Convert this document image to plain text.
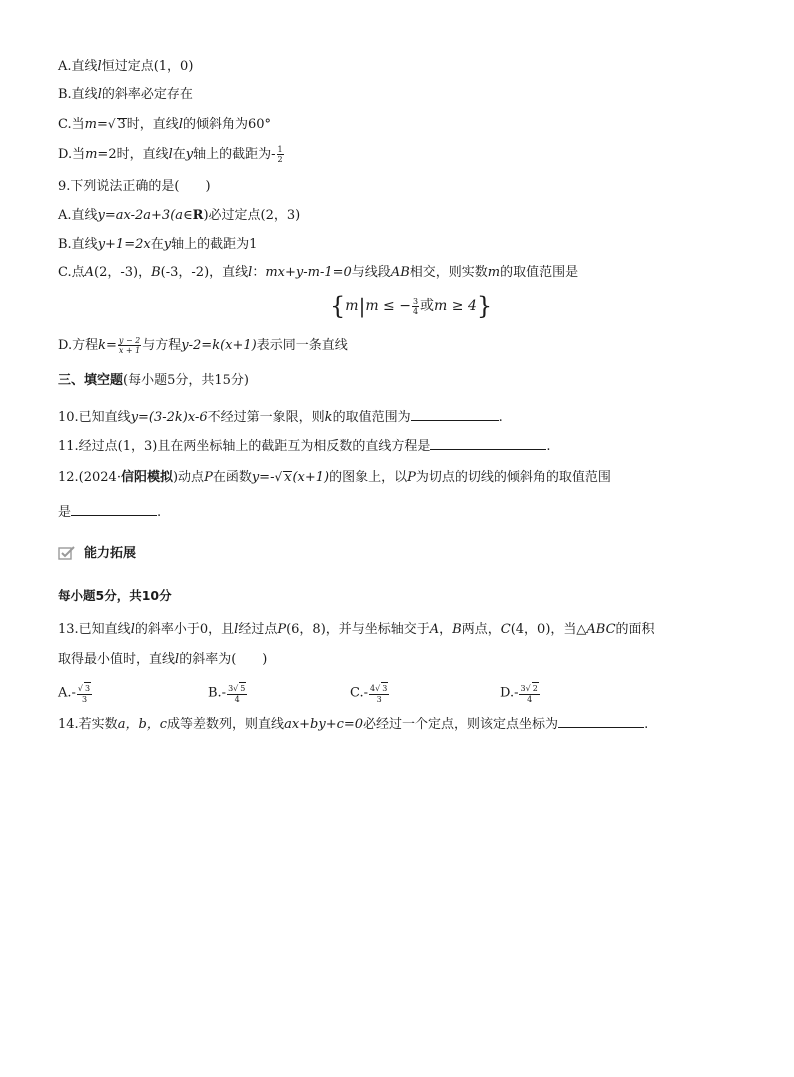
A.直线l恒过定点(1，0)
B.直线l的斜率必定存在
C.当m=√ 3时，直线l的倾斜角为60°
D.当m=2时，直线l在y轴上的截距为- $\frac{1}{2}$
9.下列说法正确的是(　　)
A.直线y=ax-2a+3(a∈R)必过定点(2，3)
B.直线y+1=2x在y轴上的截距为1
C.点A(2，-3)，B(-3，-2)，直线l：mx+y-m-1=0与线段AB相交，则实数m的取值范围是
{m|m ≤ − $\frac{3}{4}$ 或m ≥ 4}
D.方程$k= \frac{y - 2}{x + 1}$ 与方程y-2=k(x+1)表示同一条直线
三、填空题(每小题5分，共15分)
10.已知直线y=(3-2k)x-6不经过第一象限，则k的取值范围为	.
11.经过点(1，3)且在两坐标轴上的截距互为相反数的直线方程是	.
12.(2024·信阳模拟)动点P在函数y=-√ x(x+1)的图象上，以P为切点的切线的倾斜角的取值范围
是	.
能力拓展
每小题5分，共10分
13.已知直线l的斜率小于0，且l经过点P(6，8)，并与坐标轴交于A，B两点，C(4，0)，当△ABC的面积
取得最小值时，直线l的斜率为(　　)
$A.- \frac{√ 3}{3}$	$B.- \frac{3√ 5}{4}$	$C.- \frac{4√ 3}{3}$	$D.- \frac{3√ 2}{4}$
14.若实数a，b，c成等差数列，则直线ax+by+c=0必经过一个定点，则该定点坐标为	.
